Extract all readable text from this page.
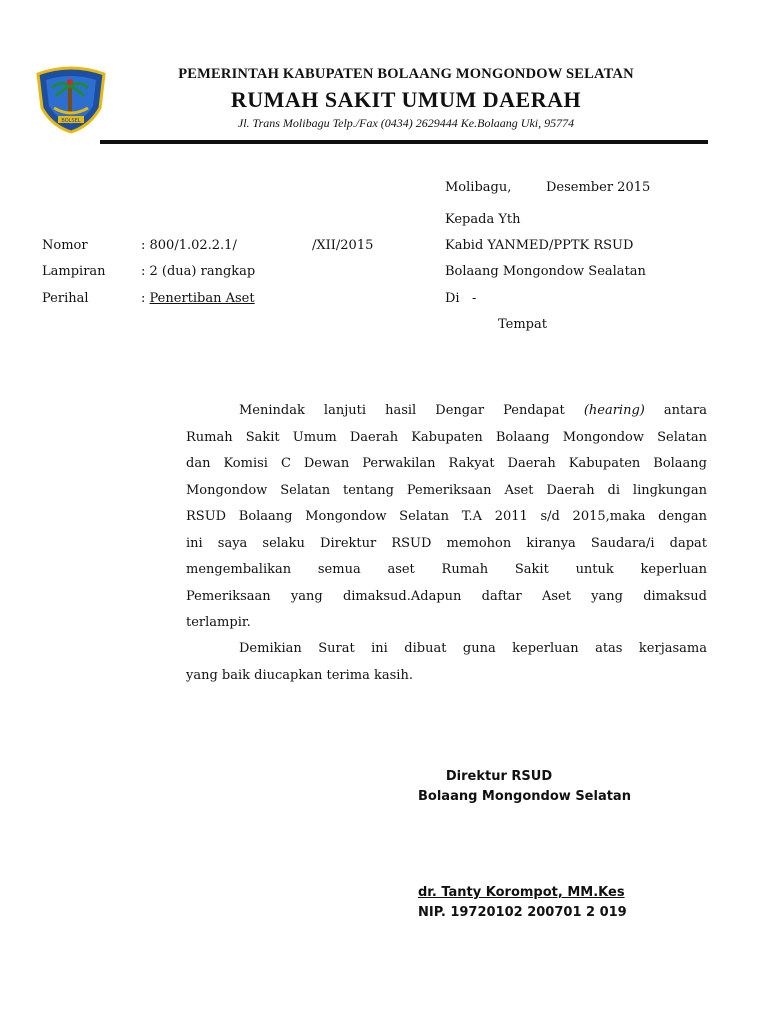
BOLSEL
PEMERINTAH KABUPATEN BOLAANG MONGONDOW SELATAN
RUMAH SAKIT UMUM DAERAH
Jl. Trans Molibagu Telp./Fax (0434) 2629444 Ke.Bolaang Uki, 95774
Molibagu,	Desember 2015
Kepada Yth
Kabid YANMED/PPTK RSUD
Bolaang Mongondow Sealatan
Di   -
Tempat
Nomor	: 800/1.02.2.1/	/XII/2015
Lampiran	: 2 (dua) rangkap
Perihal	: Penertiban Aset
Menindak lanjuti hasil Dengar Pendapat (hearing) antara
Rumah Sakit Umum Daerah Kabupaten Bolaang Mongondow Selatan
dan Komisi C Dewan Perwakilan Rakyat Daerah Kabupaten Bolaang
Mongondow Selatan tentang Pemeriksaan Aset Daerah di lingkungan
RSUD Bolaang Mongondow Selatan T.A 2011 s/d 2015,maka dengan
ini saya selaku Direktur RSUD memohon kiranya Saudara/i dapat
mengembalikan semua aset Rumah Sakit untuk keperluan
Pemeriksaan yang dimaksud.Adapun daftar Aset yang dimaksud
terlampir.
Demikian Surat ini dibuat guna keperluan atas kerjasama
yang baik diucapkan terima kasih.
Direktur RSUD
Bolaang Mongondow Selatan
dr. Tanty Korompot, MM.Kes
NIP. 19720102 200701 2 019
